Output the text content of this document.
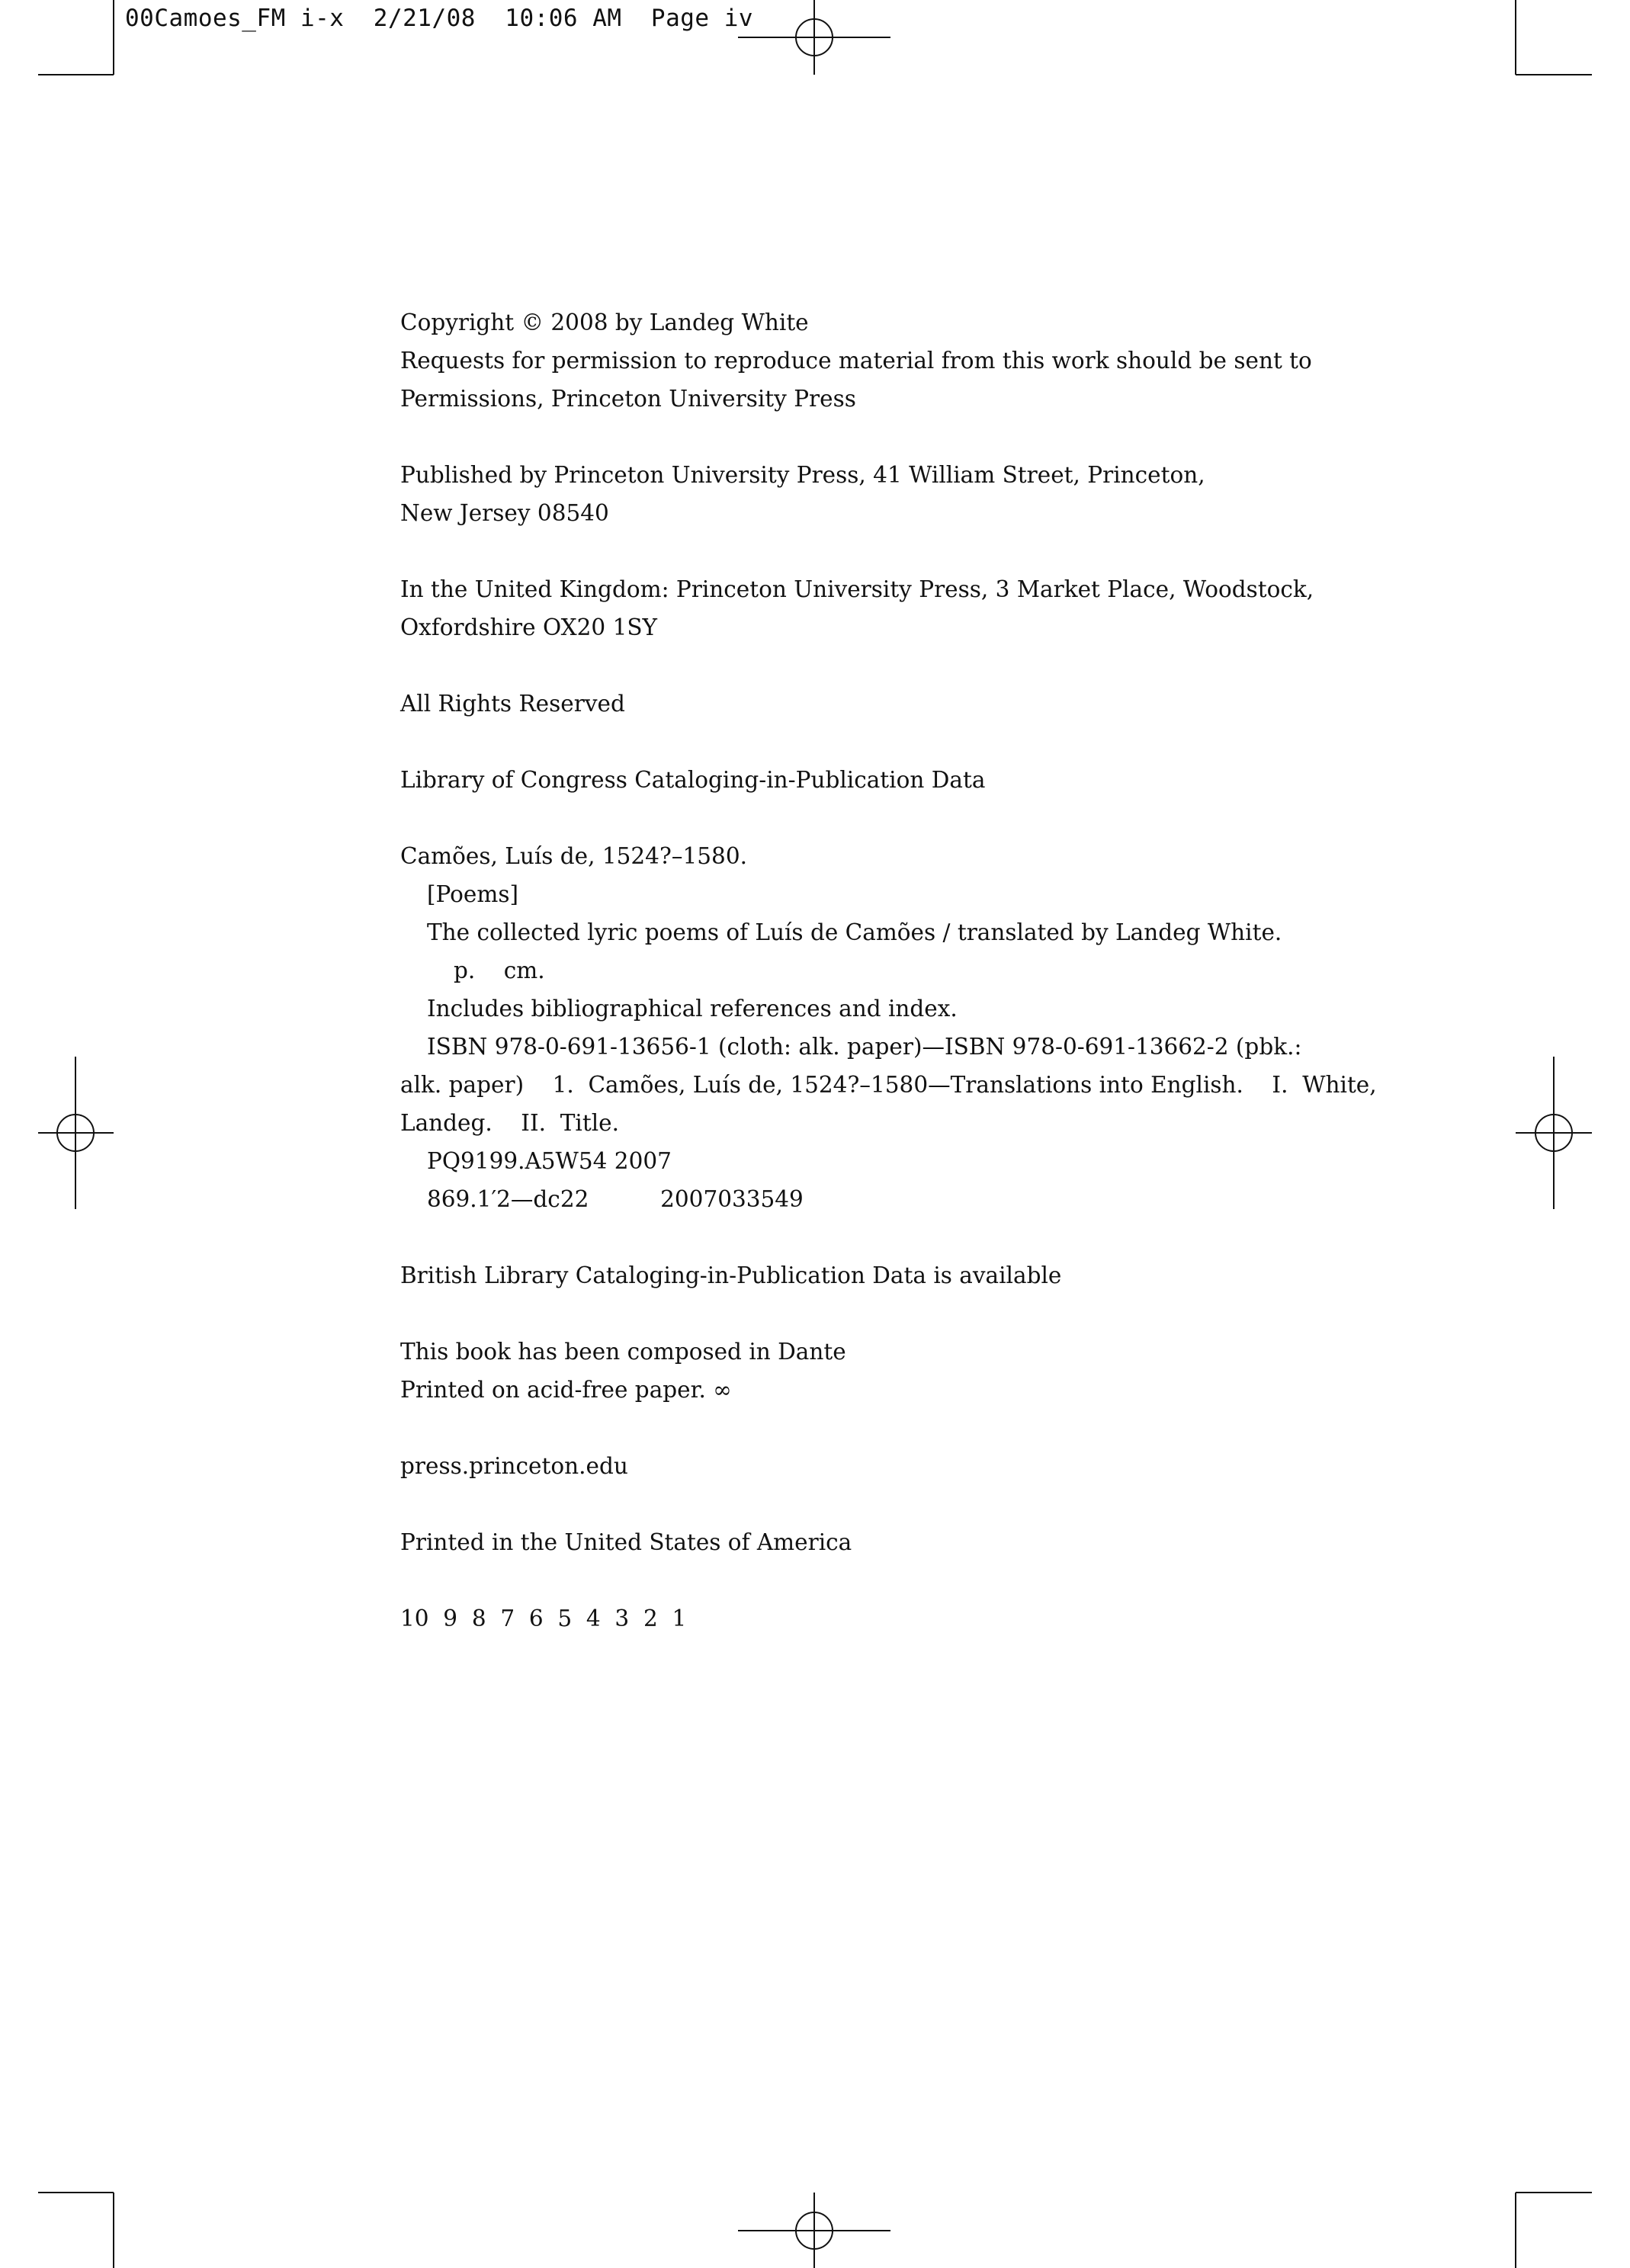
00Camoes_FM i-x 2/21/08 10:06 AM Page iv
Copyright © 2008 by Landeg White
Requests for permission to reproduce material from this work should be sent to
Permissions, Princeton University Press
Published by Princeton University Press, 41 William Street, Princeton,
New Jersey 08540
In the United Kingdom: Princeton University Press, 3 Market Place, Woodstock,
Oxfordshire OX20 1SY
All Rights Reserved
Library of Congress Cataloging-in-Publication Data
Camões, Luís de, 1524?–1580.
[Poems]
The collected lyric poems of Luís de Camões / translated by Landeg White.
p.    cm.
Includes bibliographical references and index.
ISBN 978-0-691-13656-1 (cloth: alk. paper)—ISBN 978-0-691-13662-2 (pbk.:
alk. paper)    1.  Camões, Luís de, 1524?–1580—Translations into English.    I.  White,
Landeg.    II.  Title.
PQ9199.A5W54 2007
869.1′2—dc22          2007033549
British Library Cataloging-in-Publication Data is available
This book has been composed in Dante
Printed on acid-free paper. ∞
press.princeton.edu
Printed in the United States of America
10  9  8  7  6  5  4  3  2  1
